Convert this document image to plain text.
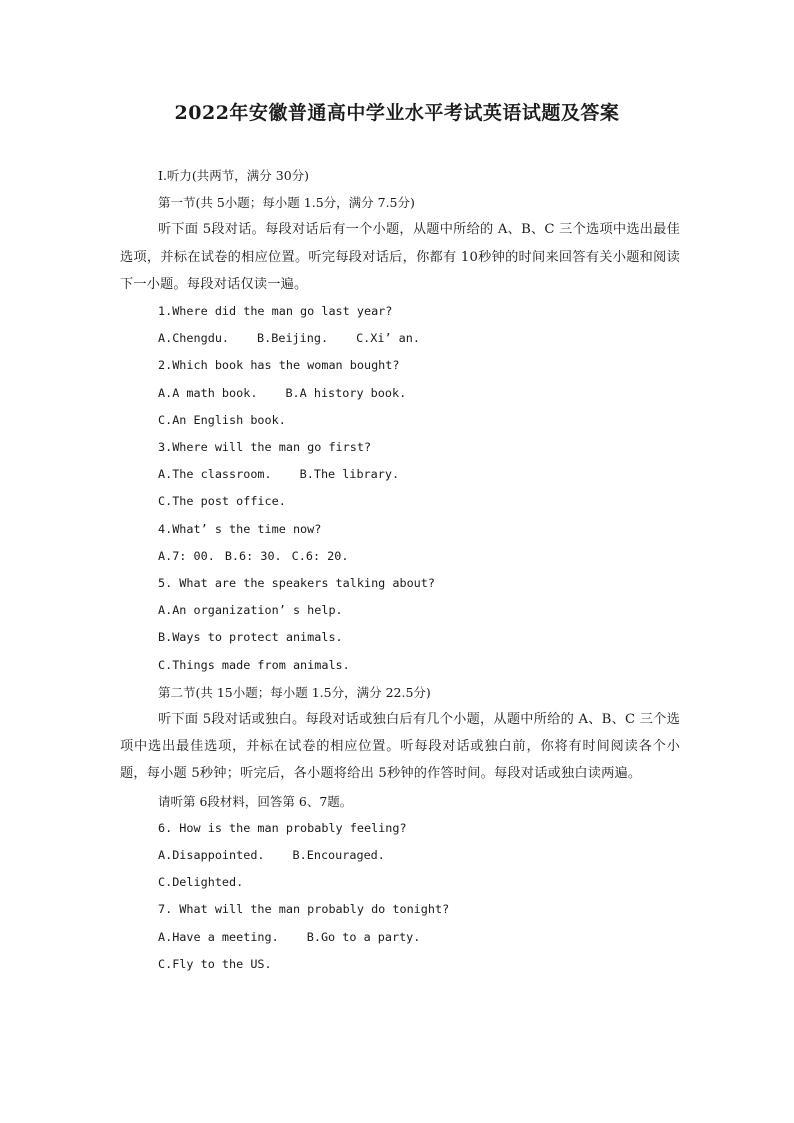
2022年安徽普通高中学业水平考试英语试题及答案
Ⅰ.听力(共两节，满分 30分)
第一节(共 5小题；每小题 1.5分，满分 7.5分)
听下面 5段对话。每段对话后有一个小题，从题中所给的 A、B、C 三个选项中选出最佳选项，并标在试卷的相应位置。听完每段对话后，你都有 10秒钟的时间来回答有关小题和阅读下一小题。每段对话仅读一遍。
1.Where did the man go last year?
A.Chengdu. B.Beijing. C.Xi’ an.
2.Which book has the woman bought?
A.A math book. B.A history book.
C.An English book.
3.Where will the man go first?
A.The classroom. B.The library.
C.The post office.
4.What’ s the time now?
A.7: 00. B.6: 30. C.6: 20.
5. What are the speakers talking about?
A.An organization’ s help.
B.Ways to protect animals.
C.Things made from animals.
第二节(共 15小题；每小题 1.5分，满分 22.5分)
听下面 5段对话或独白。每段对话或独白后有几个小题，从题中所给的 A、B、C 三个选项中选出最佳选项，并标在试卷的相应位置。听每段对话或独白前，你将有时间阅读各个小题，每小题 5秒钟；听完后，各小题将给出 5秒钟的作答时间。每段对话或独白读两遍。
请听第 6段材料，回答第 6、7题。
6. How is the man probably feeling?
A.Disappointed. B.Encouraged.
C.Delighted.
7. What will the man probably do tonight?
A.Have a meeting. B.Go to a party.
C.Fly to the US.
